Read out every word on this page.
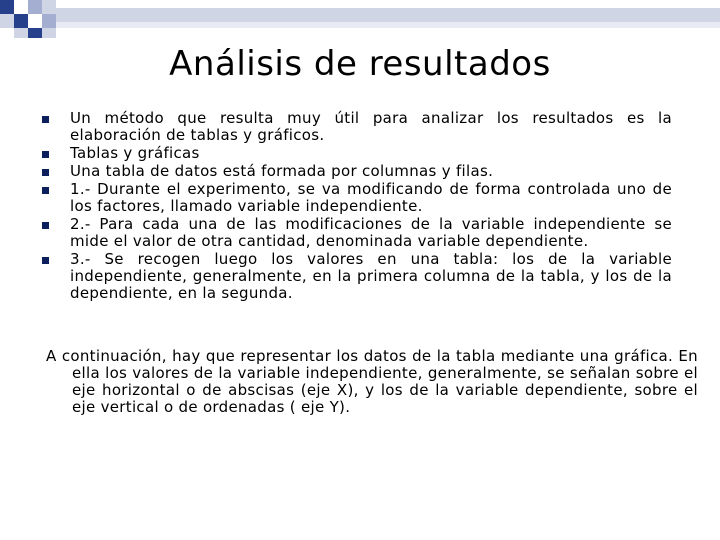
Análisis de resultados
Un método que resulta muy útil para analizar los resultados es la elaboración de tablas y gráficos.
Tablas y gráficas
Una tabla de datos está formada por columnas y filas.
1.- Durante el experimento, se va modificando de forma controlada uno de los factores, llamado variable independiente.
2.- Para cada una de las modificaciones de la variable independiente se mide el valor de otra cantidad, denominada variable dependiente.
3.- Se recogen luego los valores en una tabla: los de la variable independiente, generalmente, en la primera columna de la tabla, y los de la dependiente, en la segunda.

A continuación, hay que representar los datos de la tabla mediante una gráfica. En ella los valores de la variable independiente, generalmente, se señalan sobre el eje horizontal o de abscisas (eje X), y los de la variable dependiente, sobre el eje vertical o de ordenadas ( eje Y).
